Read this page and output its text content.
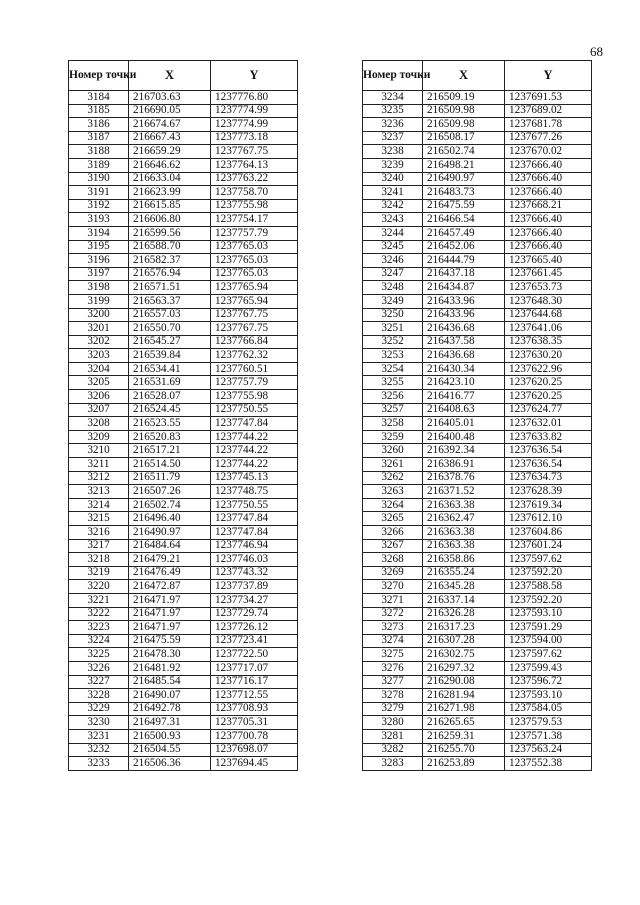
68
Номер точки	X	Y
3184	216703.63	1237776.80
3185	216690.05	1237774.99
3186	216674.67	1237774.99
3187	216667.43	1237773.18
3188	216659.29	1237767.75
3189	216646.62	1237764.13
3190	216633.04	1237763.22
3191	216623.99	1237758.70
3192	216615.85	1237755.98
3193	216606.80	1237754.17
3194	216599.56	1237757.79
3195	216588.70	1237765.03
3196	216582.37	1237765.03
3197	216576.94	1237765.03
3198	216571.51	1237765.94
3199	216563.37	1237765.94
3200	216557.03	1237767.75
3201	216550.70	1237767.75
3202	216545.27	1237766.84
3203	216539.84	1237762.32
3204	216534.41	1237760.51
3205	216531.69	1237757.79
3206	216528.07	1237755.98
3207	216524.45	1237750.55
3208	216523.55	1237747.84
3209	216520.83	1237744.22
3210	216517.21	1237744.22
3211	216514.50	1237744.22
3212	216511.79	1237745.13
3213	216507.26	1237748.75
3214	216502.74	1237750.55
3215	216496.40	1237747.84
3216	216490.97	1237747.84
3217	216484.64	1237746.94
3218	216479.21	1237746.03
3219	216476.49	1237743.32
3220	216472.87	1237737.89
3221	216471.97	1237734.27
3222	216471.97	1237729.74
3223	216471.97	1237726.12
3224	216475.59	1237723.41
3225	216478.30	1237722.50
3226	216481.92	1237717.07
3227	216485.54	1237716.17
3228	216490.07	1237712.55
3229	216492.78	1237708.93
3230	216497.31	1237705.31
3231	216500.93	1237700.78
3232	216504.55	1237698.07
3233	216506.36	1237694.45
Номер точки	X	Y
3234	216509.19	1237691.53
3235	216509.98	1237689.02
3236	216509.98	1237681.78
3237	216508.17	1237677.26
3238	216502.74	1237670.02
3239	216498.21	1237666.40
3240	216490.97	1237666.40
3241	216483.73	1237666.40
3242	216475.59	1237668.21
3243	216466.54	1237666.40
3244	216457.49	1237666.40
3245	216452.06	1237666.40
3246	216444.79	1237665.40
3247	216437.18	1237661.45
3248	216434.87	1237653.73
3249	216433.96	1237648.30
3250	216433.96	1237644.68
3251	216436.68	1237641.06
3252	216437.58	1237638.35
3253	216436.68	1237630.20
3254	216430.34	1237622.96
3255	216423.10	1237620.25
3256	216416.77	1237620.25
3257	216408.63	1237624.77
3258	216405.01	1237632.01
3259	216400.48	1237633.82
3260	216392.34	1237636.54
3261	216386.91	1237636.54
3262	216378.76	1237634.73
3263	216371.52	1237628.39
3264	216363.38	1237619.34
3265	216362.47	1237612.10
3266	216363.38	1237604.86
3267	216363.38	1237601.24
3268	216358.86	1237597.62
3269	216355.24	1237592.20
3270	216345.28	1237588.58
3271	216337.14	1237592.20
3272	216326.28	1237593.10
3273	216317.23	1237591.29
3274	216307.28	1237594.00
3275	216302.75	1237597.62
3276	216297.32	1237599.43
3277	216290.08	1237596.72
3278	216281.94	1237593.10
3279	216271.98	1237584.05
3280	216265.65	1237579.53
3281	216259.31	1237571.38
3282	216255.70	1237563.24
3283	216253.89	1237552.38
